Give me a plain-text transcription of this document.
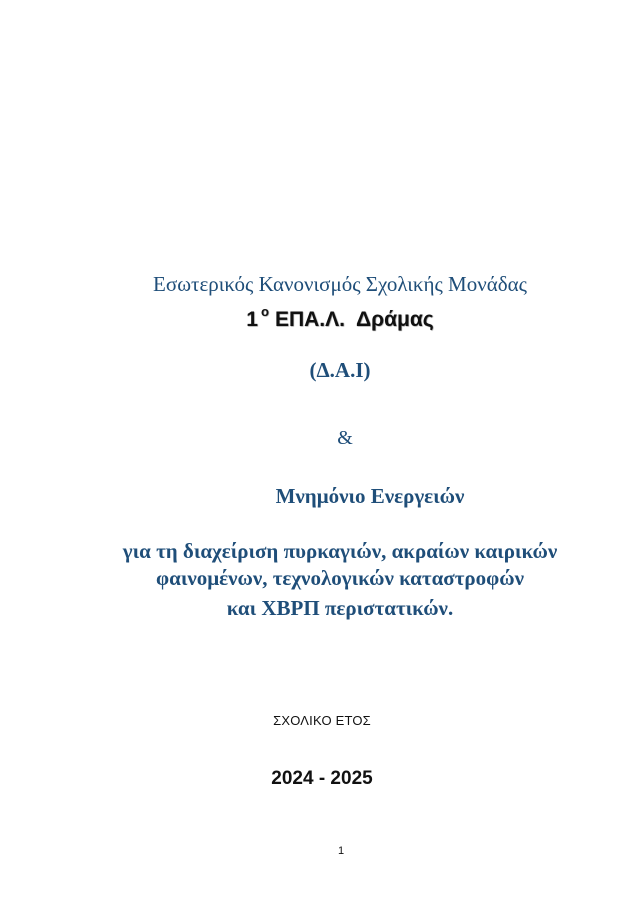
Εσωτερικός Κανονισμός Σχολικής Μονάδας
1 $^o$ ΕΠΑ.Λ. Δράμας
(Δ.Α.Ι)
&
Μνημόνιο Ενεργειών
για τη διαχείριση πυρκαγιών, ακραίων καιρικών
φαινομένων, τεχνολογικών καταστροφών
και ΧΒΡΠ περιστατικών.
ΣΧΟΛΙΚΟ ΕΤΟΣ
2024 - 2025
1
